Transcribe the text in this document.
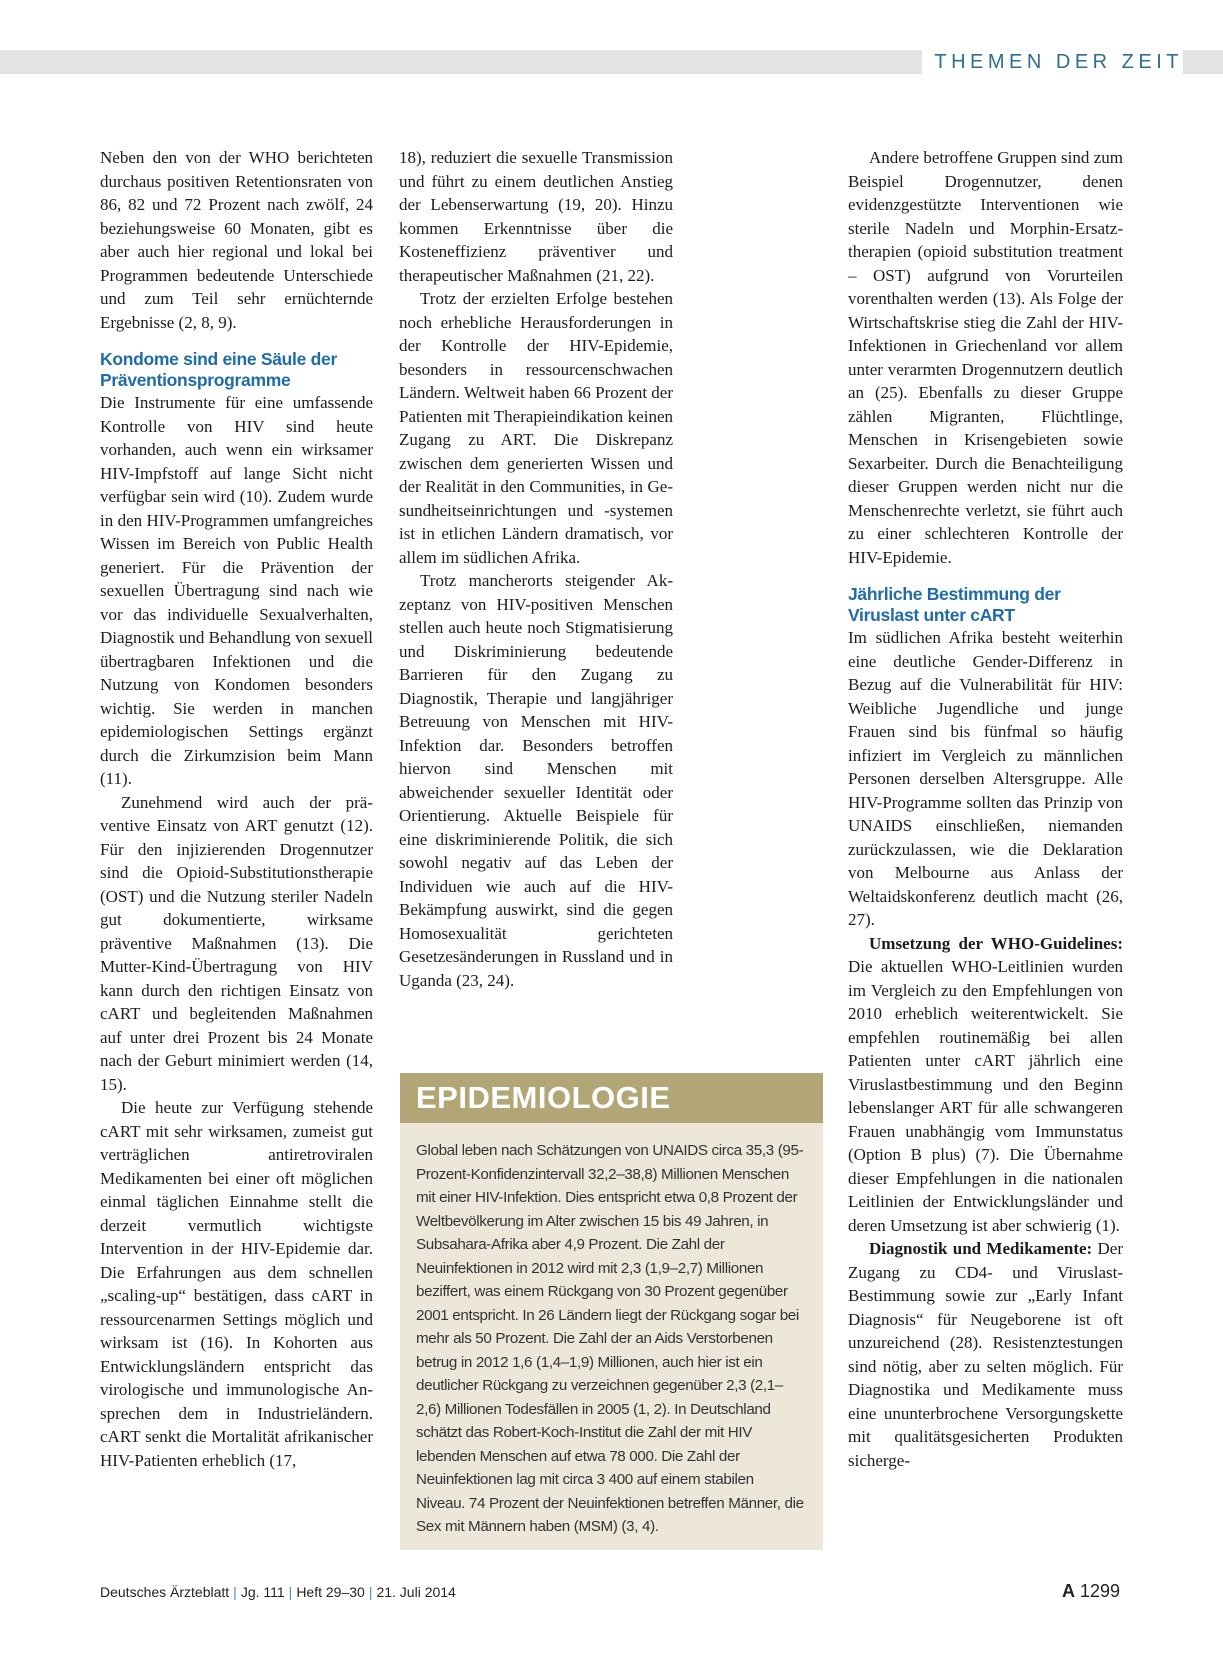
THEMEN DER ZEIT

Neben den von der WHO berichteten durchaus positiven Retentionsraten von 86, 82 und 72 Prozent nach zwölf, 24 beziehungsweise 60 Monaten, gibt es aber auch hier regional und lokal bei Programmen bedeutende Unterschiede und zum Teil sehr ernüchternde Ergebnisse (2, 8, 9).

Kondome sind eine Säule der Präventionsprogramme

Die Instrumente für eine umfassende Kontrolle von HIV sind heute vorhanden, auch wenn ein wirksamer HIV-Impfstoff auf lange Sicht nicht verfügbar sein wird (10). Zudem wurde in den HIV-Programmen umfangreiches Wissen im Bereich von Public Health generiert. Für die Prävention der sexuellen Übertragung sind nach wie vor das individuelle Sexualverhalten, Diagnostik und Behandlung von sexuell übertragbaren Infektionen und die Nutzung von Kondomen besonders wichtig. Sie werden in manchen epidemiologischen Settings ergänzt durch die Zirkumzision beim Mann (11).

Zunehmend wird auch der präventive Einsatz von ART genutzt (12). Für den injizierenden Drogennutzer sind die Opioid-Substitutionstherapie (OST) und die Nutzung steriler Nadeln gut dokumentierte, wirksame präventive Maßnahmen (13). Die Mutter-Kind-Übertragung von HIV kann durch den richtigen Einsatz von cART und begleitenden Maßnahmen auf unter drei Prozent bis 24 Monate nach der Geburt minimiert werden (14, 15).

Die heute zur Verfügung stehende cART mit sehr wirksamen, zumeist gut verträglichen antiretroviralen Medikamenten bei einer oft möglichen einmal täglichen Einnahme stellt die derzeit vermutlich wichtigste Intervention in der HIV-Epidemie dar. Die Erfahrungen aus dem schnellen „scaling-up“ bestätigen, dass cART in ressourcenarmen Settings möglich und wirksam ist (16). In Kohorten aus Entwicklungsländern entspricht das virologische und immunologische Ansprechen dem in Industrieländern. cART senkt die Mortalität afrikanischer HIV-Patienten erheblich (17,

18), reduziert die sexuelle Transmission und führt zu einem deutlichen Anstieg der Lebenserwartung (19, 20). Hinzu kommen Erkenntnisse über die Kosteneffizienz präventiver und therapeutischer Maßnahmen (21, 22).

Trotz der erzielten Erfolge bestehen noch erhebliche Herausforderungen in der Kontrolle der HIV-Epidemie, besonders in ressourcenschwachen Ländern. Weltweit haben 66 Prozent der Patienten mit Therapieindikation keinen Zugang zu ART. Die Diskrepanz zwischen dem generierten Wissen und der Realität in den Communities, in Gesundheitseinrichtungen und -systemen ist in etlichen Ländern dramatisch, vor allem im südlichen Afrika.

Trotz mancherorts steigender Akzeptanz von HIV-positiven Menschen stellen auch heute noch Stigmatisierung und Diskriminierung bedeutende Barrieren für den Zugang zu Diagnostik, Therapie und langjähriger Betreuung von Menschen mit HIV-Infektion dar. Besonders betroffen hiervon sind Menschen mit abweichender sexueller Identität oder Orientierung. Aktuelle Beispiele für eine diskriminierende Politik, die sich sowohl negativ auf das Leben der Individuen wie auch auf die HIV-Bekämpfung auswirkt, sind die gegen Homosexualität gerichteten Gesetzesänderungen in Russland und in Uganda (23, 24).

EPIDEMIOLOGIE
Global leben nach Schätzungen von UNAIDS circa 35,3 (95-Prozent-Konfidenzintervall 32,2–38,8) Millionen Menschen mit einer HIV-Infektion. Dies entspricht etwa 0,8 Prozent der Weltbevölkerung im Alter zwischen 15 bis 49 Jahren, in Subsahara-Afrika aber 4,9 Prozent. Die Zahl der Neuinfektionen in 2012 wird mit 2,3 (1,9–2,7) Millionen beziffert, was einem Rückgang von 30 Prozent gegenüber 2001 entspricht. In 26 Ländern liegt der Rückgang sogar bei mehr als 50 Prozent. Die Zahl der an Aids Verstorbenen betrug in 2012 1,6 (1,4–1,9) Millionen, auch hier ist ein deutlicher Rückgang zu verzeichnen gegenüber 2,3 (2,1–2,6) Millionen Todesfällen in 2005 (1, 2). In Deutschland schätzt das Robert-Koch-Institut die Zahl der mit HIV lebenden Menschen auf etwa 78 000. Die Zahl der Neuinfektionen lag mit circa 3 400 auf einem stabilen Niveau. 74 Prozent der Neuinfektionen betreffen Männer, die Sex mit Männern haben (MSM) (3, 4).

Andere betroffene Gruppen sind zum Beispiel Drogennutzer, denen evidenzgestützte Interventionen wie sterile Nadeln und Morphin-Ersatztherapien (opioid substitution treatment – OST) aufgrund von Vorurteilen vorenthalten werden (13). Als Folge der Wirtschaftskrise stieg die Zahl der HIV-Infektionen in Griechenland vor allem unter verarmten Drogennutzern deutlich an (25). Ebenfalls zu dieser Gruppe zählen Migranten, Flüchtlinge, Menschen in Krisengebieten sowie Sexarbeiter. Durch die Benachteiligung dieser Gruppen werden nicht nur die Menschenrechte verletzt, sie führt auch zu einer schlechteren Kontrolle der HIV-Epidemie.

Jährliche Bestimmung der Viruslast unter cART

Im südlichen Afrika besteht weiterhin eine deutliche Gender-Differenz in Bezug auf die Vulnerabilität für HIV: Weibliche Jugendliche und junge Frauen sind bis fünfmal so häufig infiziert im Vergleich zu männlichen Personen derselben Altersgruppe. Alle HIV-Programme sollten das Prinzip von UNAIDS einschließen, niemanden zurückzulassen, wie die Deklaration von Melbourne aus Anlass der Weltaidskonferenz deutlich macht (26, 27).

Umsetzung der WHO-Guidelines: Die aktuellen WHO-Leitlinien wurden im Vergleich zu den Empfehlungen von 2010 erheblich weiterentwickelt. Sie empfehlen routinemäßig bei allen Patienten unter cART jährlich eine Viruslastbestimmung und den Beginn lebenslanger ART für alle schwangeren Frauen unabhängig vom Immunstatus (Option B plus) (7). Die Übernahme dieser Empfehlungen in die nationalen Leitlinien der Entwicklungsländer und deren Umsetzung ist aber schwierig (1).

Diagnostik und Medikamente: Der Zugang zu CD4- und Viruslast-Bestimmung sowie zur „Early Infant Diagnosis“ für Neugeborene ist oft unzureichend (28). Resistenztestungen sind nötig, aber zu selten möglich. Für Diagnostika und Medikamente muss eine ununterbrochene Versorgungskette mit qualitätsgesicherten Produkten sicherge-

Deutsches Ärzteblatt | Jg. 111 | Heft 29–30 | 21. Juli 2014	A 1299
